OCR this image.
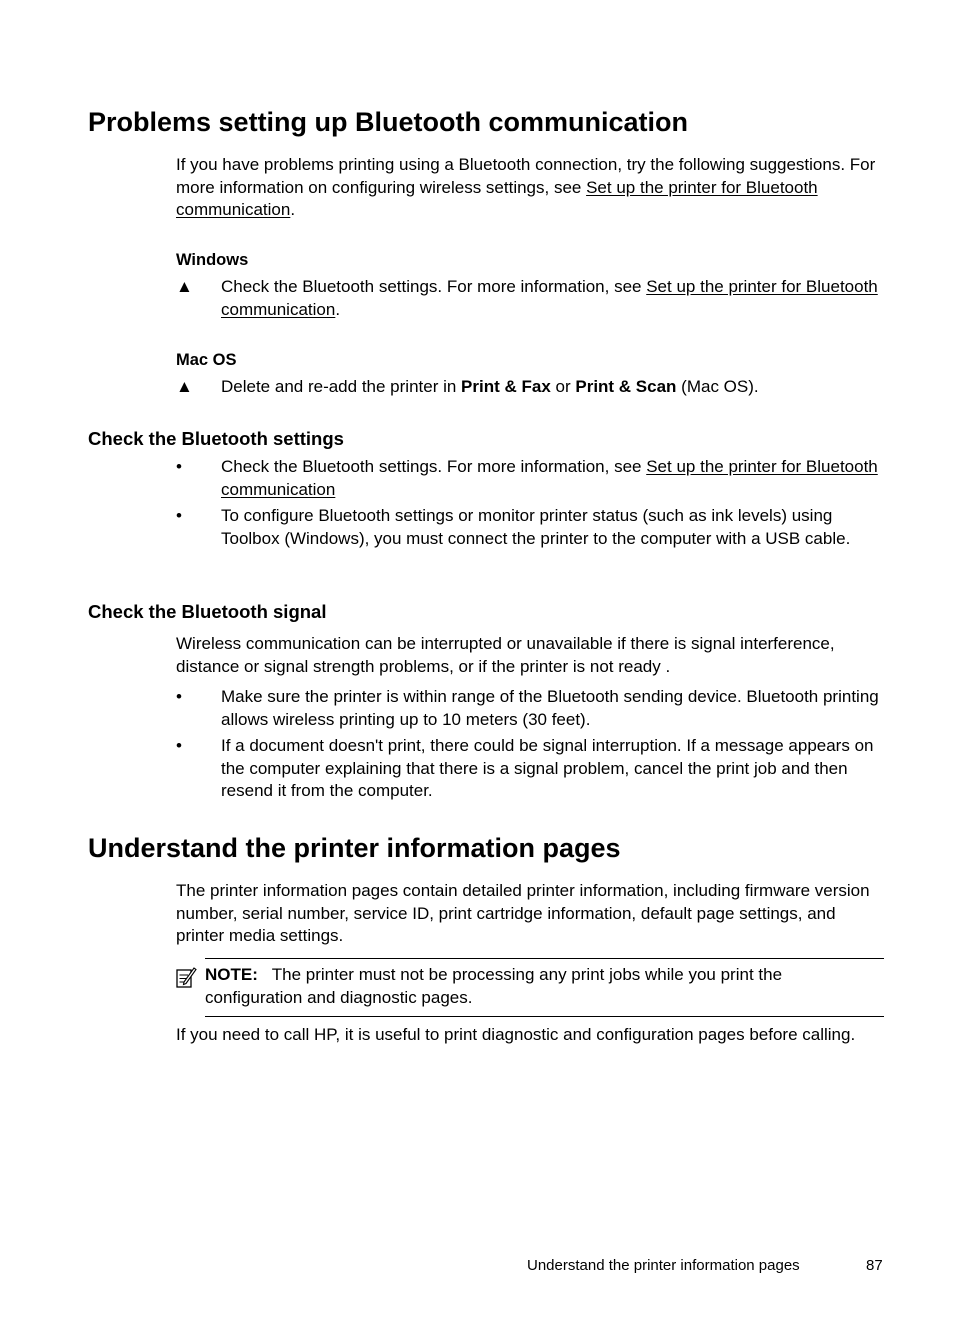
Problems setting up Bluetooth communication
If you have problems printing using a Bluetooth connection, try the following suggestions. For more information on configuring wireless settings, see Set up the printer for Bluetooth communication.
Windows
▲ Check the Bluetooth settings. For more information, see Set up the printer for Bluetooth communication.
Mac OS
▲ Delete and re-add the printer in Print & Fax or Print & Scan (Mac OS).
Check the Bluetooth settings
•	Check the Bluetooth settings. For more information, see Set up the printer for Bluetooth communication
•	To configure Bluetooth settings or monitor printer status (such as ink levels) using Toolbox (Windows), you must connect the printer to the computer with a USB cable.
Check the Bluetooth signal
Wireless communication can be interrupted or unavailable if there is signal interference, distance or signal strength problems, or if the printer is not ready .
•	Make sure the printer is within range of the Bluetooth sending device. Bluetooth printing allows wireless printing up to 10 meters (30 feet).
•	If a document doesn't print, there could be signal interruption. If a message appears on the computer explaining that there is a signal problem, cancel the print job and then resend it from the computer.
Understand the printer information pages
The printer information pages contain detailed printer information, including firmware version number, serial number, service ID, print cartridge information, default page settings, and printer media settings.
NOTE: The printer must not be processing any print jobs while you print the configuration and diagnostic pages.
If you need to call HP, it is useful to print diagnostic and configuration pages before calling.
Understand the printer information pages	87
